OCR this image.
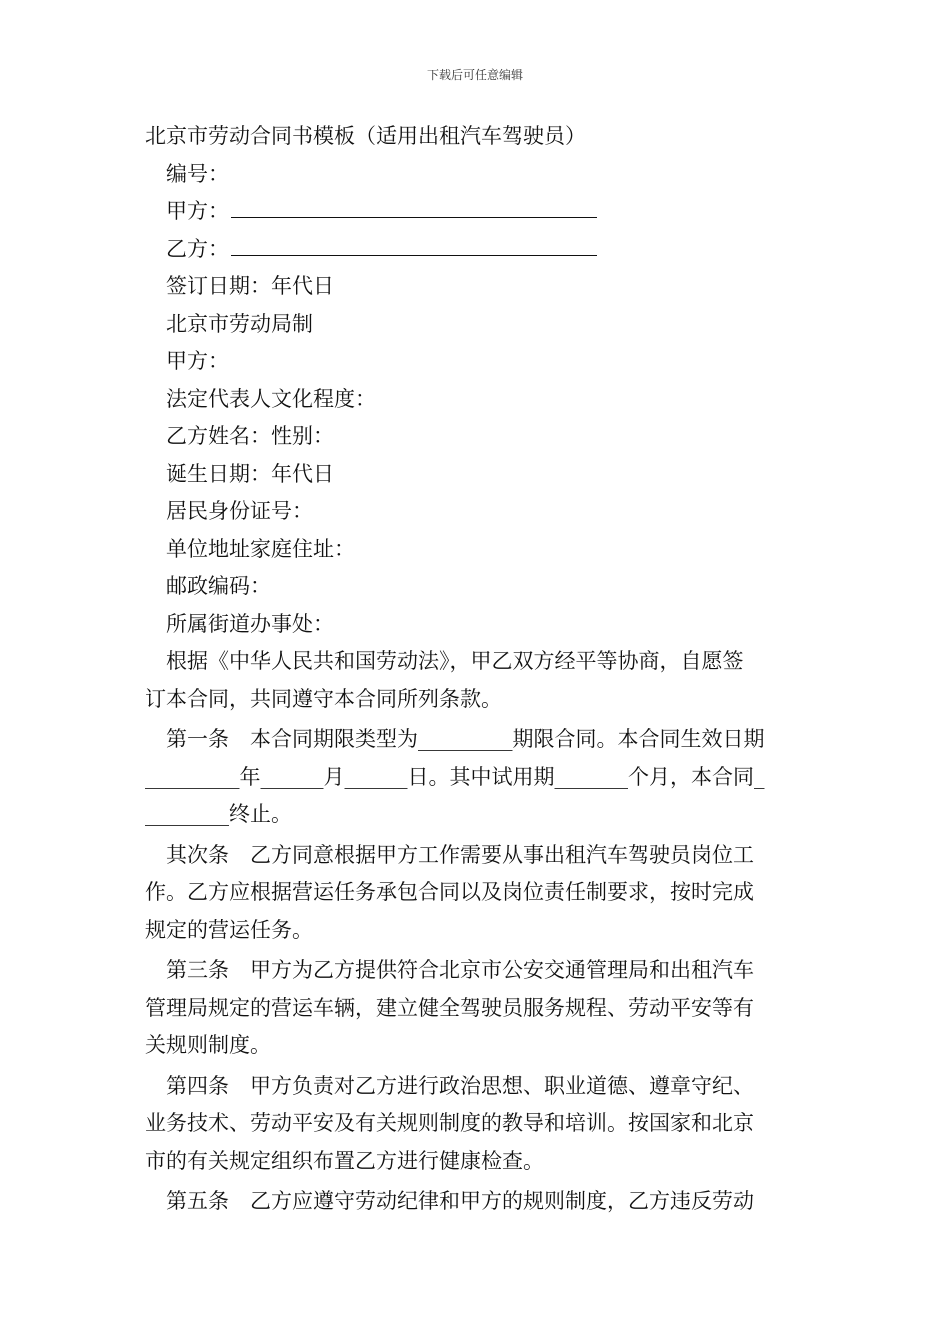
下载后可任意编辑
北京市劳动合同书模板（适用出租汽车驾驶员）
编号：
甲方：
乙方：
签订日期：年代日
北京市劳动局制
甲方：
法定代表人文化程度：
乙方姓名：性别：
诞生日期：年代日
居民身份证号：
单位地址家庭住址：
邮政编码：
所属街道办事处：
根据《中华人民共和国劳动法》，甲乙双方经平等协商，自愿签
订本合同，共同遵守本合同所列条款。
第一条 本合同期限类型为_________期限合同。本合同生效日期
_________年______月______日。其中试用期_______个月，本合同_
________终止。
其次条 乙方同意根据甲方工作需要从事出租汽车驾驶员岗位工
作。乙方应根据营运任务承包合同以及岗位责任制要求，按时完成
规定的营运任务。
第三条 甲方为乙方提供符合北京市公安交通管理局和出租汽车
管理局规定的营运车辆，建立健全驾驶员服务规程、劳动平安等有
关规则制度。
第四条 甲方负责对乙方进行政治思想、职业道德、遵章守纪、
业务技术、劳动平安及有关规则制度的教导和培训。按国家和北京
市的有关规定组织布置乙方进行健康检查。
第五条 乙方应遵守劳动纪律和甲方的规则制度，乙方违反劳动
